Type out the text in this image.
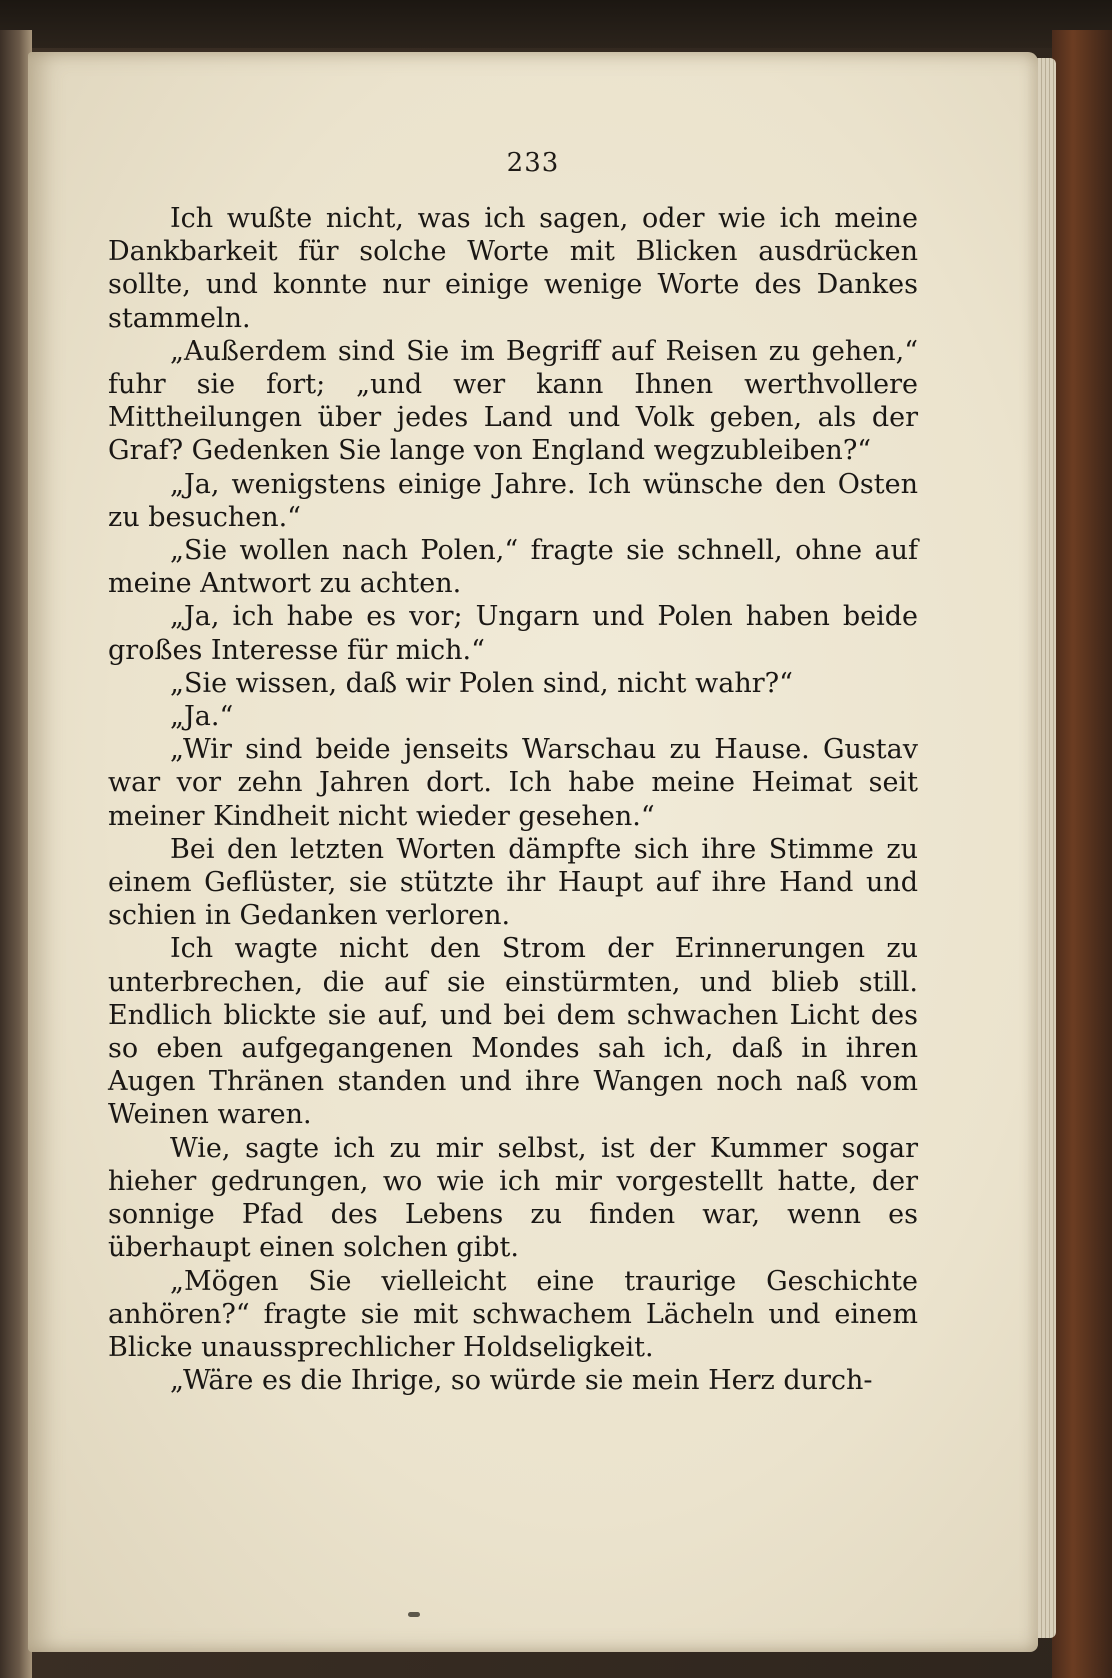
233

Ich wußte nicht, was ich sagen, oder wie ich meine Dankbarkeit für solche Worte mit Blicken ausdrücken sollte, und konnte nur einige wenige Worte des Dankes stammeln.

„Außerdem sind Sie im Begriff auf Reisen zu gehen,“ fuhr sie fort; „und wer kann Ihnen werthvollere Mittheilungen über jedes Land und Volk geben, als der Graf? Gedenken Sie lange von England wegzubleiben?“

„Ja, wenigstens einige Jahre. Ich wünsche den Osten zu besuchen.“

„Sie wollen nach Polen,“ fragte sie schnell, ohne auf meine Antwort zu achten.

„Ja, ich habe es vor; Ungarn und Polen haben beide großes Interesse für mich.“

„Sie wissen, daß wir Polen sind, nicht wahr?“

„Ja.“

„Wir sind beide jenseits Warschau zu Hause. Gustav war vor zehn Jahren dort. Ich habe meine Heimat seit meiner Kindheit nicht wieder gesehen.“

Bei den letzten Worten dämpfte sich ihre Stimme zu einem Geflüster, sie stützte ihr Haupt auf ihre Hand und schien in Gedanken verloren.

Ich wagte nicht den Strom der Erinnerungen zu unterbrechen, die auf sie einstürmten, und blieb still. Endlich blickte sie auf, und bei dem schwachen Licht des so eben aufgegangenen Mondes sah ich, daß in ihren Augen Thränen standen und ihre Wangen noch naß vom Weinen waren.

Wie, sagte ich zu mir selbst, ist der Kummer sogar hieher gedrungen, wo wie ich mir vorgestellt hatte, der sonnige Pfad des Lebens zu finden war, wenn es überhaupt einen solchen gibt.

„Mögen Sie vielleicht eine traurige Geschichte anhören?“ fragte sie mit schwachem Lächeln und einem Blicke unaussprechlicher Holdseligkeit.

„Wäre es die Ihrige, so würde sie mein Herz durch-
